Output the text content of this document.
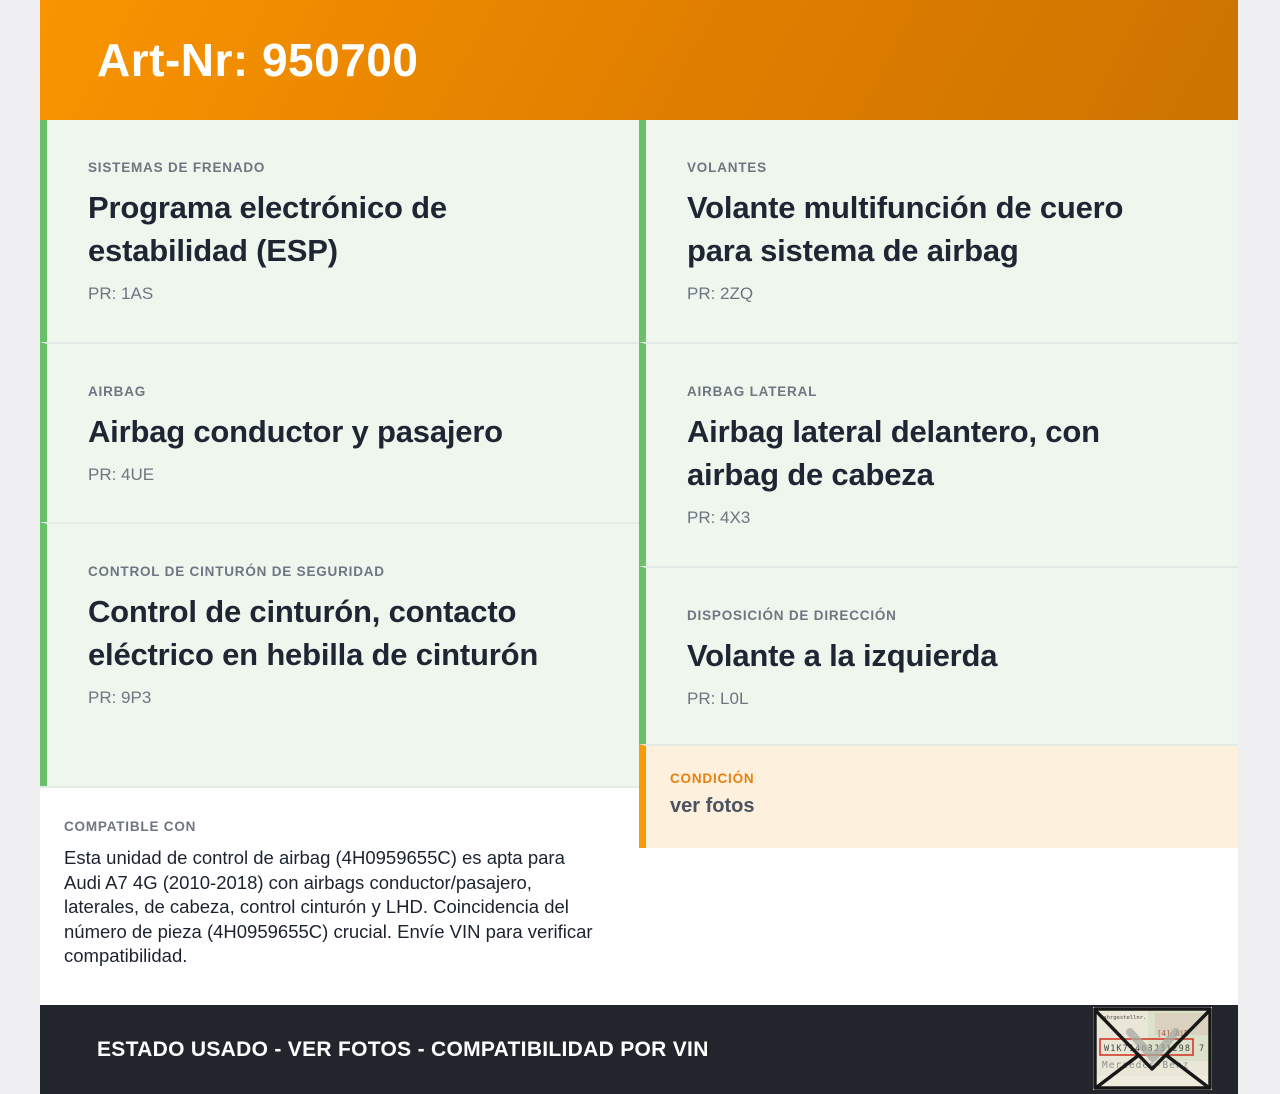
Art-Nr: 950700

SISTEMAS DE FRENADO

Programa electrónico de estabilidad (ESP)

PR: 1AS

AIRBAG

Airbag conductor y pasajero

PR: 4UE

CONTROL DE CINTURÓN DE SEGURIDAD

Control de cinturón, contacto eléctrico en hebilla de cinturón

PR: 9P3

COMPATIBLE CON

Esta unidad de control de airbag (4H0959655C) es apta para Audi A7 4G (2010-2018) con airbags conductor/pasajero, laterales, de cabeza, control cinturón y LHD. Coincidencia del número de pieza (4H0959655C) crucial. Envíe VIN para verificar compatibilidad.

VOLANTES

Volante multifunción de cuero para sistema de airbag

PR: 2ZQ

AIRBAG LATERAL

Airbag lateral delantero, con airbag de cabeza

PR: 4X3

DISPOSICIÓN DE DIRECCIÓN

Volante a la izquierda

PR: L0L

CONDICIÓN

ver fotos

ESTADO USADO - VER FOTOS - COMPATIBILIDAD POR VIN
Fahrgestellnr.
[4] AiB
W1K71463J31298 7
Mercedes-Benz
